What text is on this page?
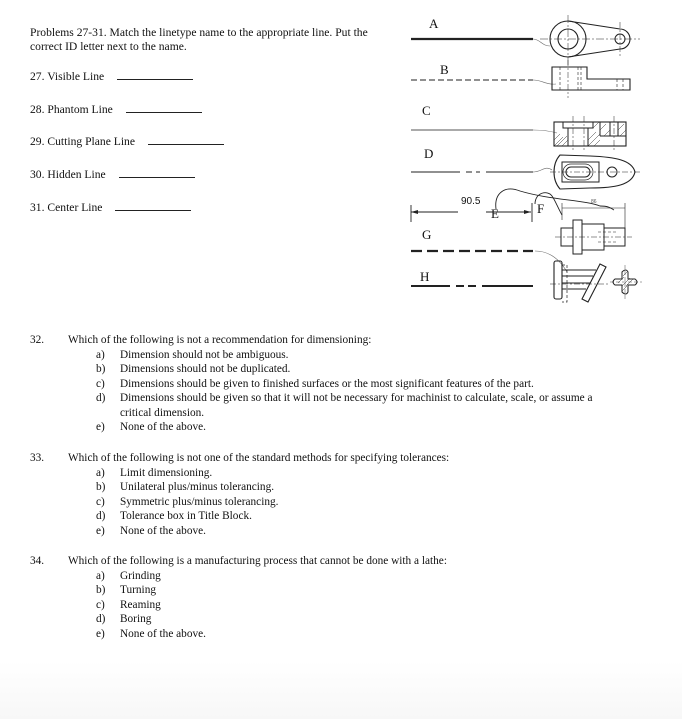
Problems 27-31. Match the linetype name to the appropriate line. Put the correct ID letter next to the name.
27. Visible Line
28. Phantom Line
29. Cutting Plane Line
30. Hidden Line
31. Center Line
A
B
C
D
E	F
G
H
90.5	86
32. Which of the following is not a recommendation for dimensioning:
a) Dimension should not be ambiguous.
b) Dimensions should not be duplicated.
c) Dimensions should be given to finished surfaces or the most significant features of the part.
d) Dimensions should be given so that it will not be necessary for machinist to calculate, scale, or assume a critical dimension.
e) None of the above.
33. Which of the following is not one of the standard methods for specifying tolerances:
a) Limit dimensioning.
b) Unilateral plus/minus tolerancing.
c) Symmetric plus/minus tolerancing.
d) Tolerance box in Title Block.
e) None of the above.
34. Which of the following is a manufacturing process that cannot be done with a lathe:
a) Grinding
b) Turning
c) Reaming
d) Boring
e) None of the above.
